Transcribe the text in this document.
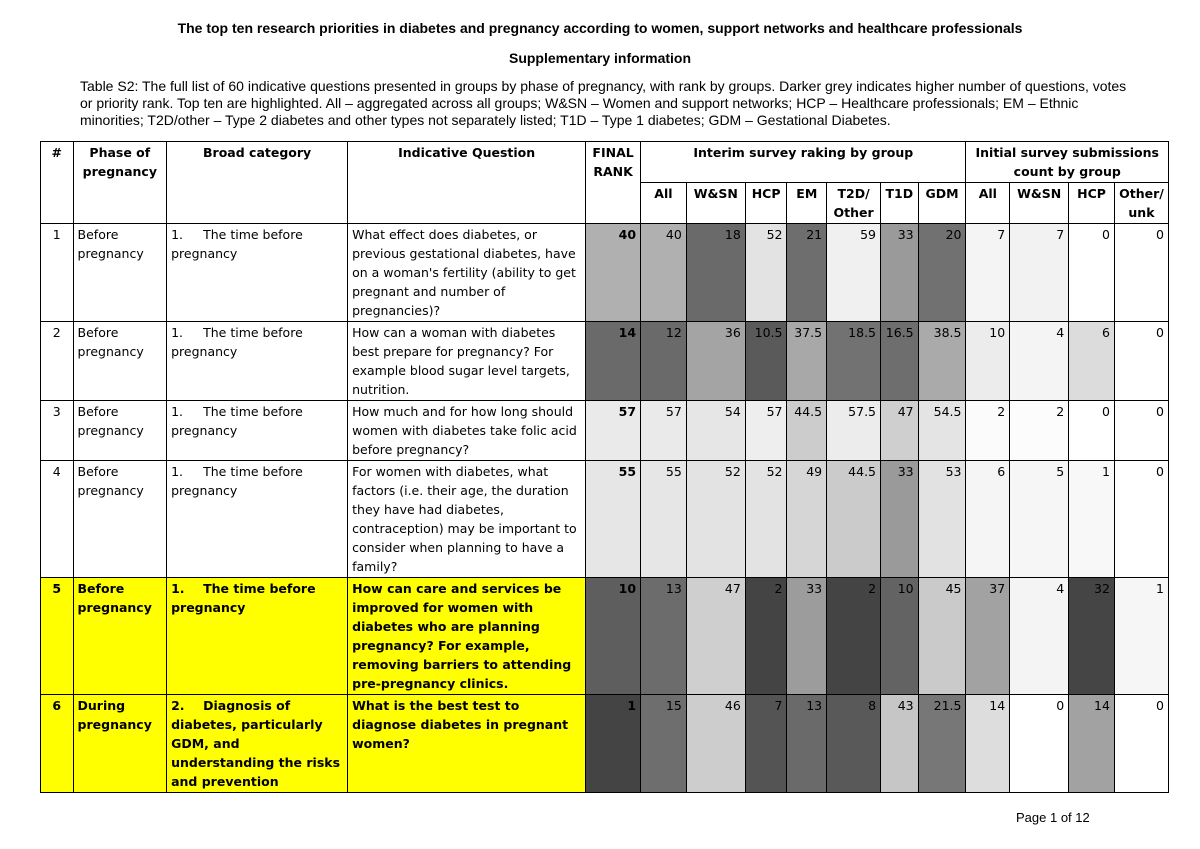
The top ten research priorities in diabetes and pregnancy according to women, support networks and healthcare professionals
Supplementary information
Table S2: The full list of 60 indicative questions presented in groups by phase of pregnancy, with rank by groups. Darker grey indicates higher number of questions, votes or priority rank. Top ten are highlighted. All – aggregated across all groups; W&SN – Women and support networks; HCP – Healthcare professionals; EM – Ethnic minorities; T2D/other – Type 2 diabetes and other types not separately listed; T1D – Type 1 diabetes; GDM – Gestational Diabetes.
#	Phase of pregnancy	Broad category	Indicative Question	FINAL RANK	Interim survey raking by group							Initial survey submissions count by group			
					All	W&SN	HCP	EM	T2D/ Other	T1D	GDM	All	W&SN	HCP	Other/ unk
1	Before pregnancy	1. The time before pregnancy	What effect does diabetes, or previous gestational diabetes, have on a woman's fertility (ability to get pregnant and number of pregnancies)?	40	40	18	52	21	59	33	20	7	7	0	0
2	Before pregnancy	1. The time before pregnancy	How can a woman with diabetes best prepare for pregnancy? For example blood sugar level targets, nutrition.	14	12	36	10.5	37.5	18.5	16.5	38.5	10	4	6	0
3	Before pregnancy	1. The time before pregnancy	How much and for how long should women with diabetes take folic acid before pregnancy?	57	57	54	57	44.5	57.5	47	54.5	2	2	0	0
4	Before pregnancy	1. The time before pregnancy	For women with diabetes, what factors (i.e. their age, the duration they have had diabetes, contraception) may be important to consider when planning to have a family?	55	55	52	52	49	44.5	33	53	6	5	1	0
5	Before pregnancy	1. The time before pregnancy	How can care and services be improved for women with diabetes who are planning pregnancy? For example, removing barriers to attending pre-pregnancy clinics.	10	13	47	2	33	2	10	45	37	4	32	1
6	During pregnancy	2. Diagnosis of diabetes, particularly GDM, and understanding the risks and prevention	What is the best test to diagnose diabetes in pregnant women?	1	15	46	7	13	8	43	21.5	14	0	14	0
Page 1 of 12
